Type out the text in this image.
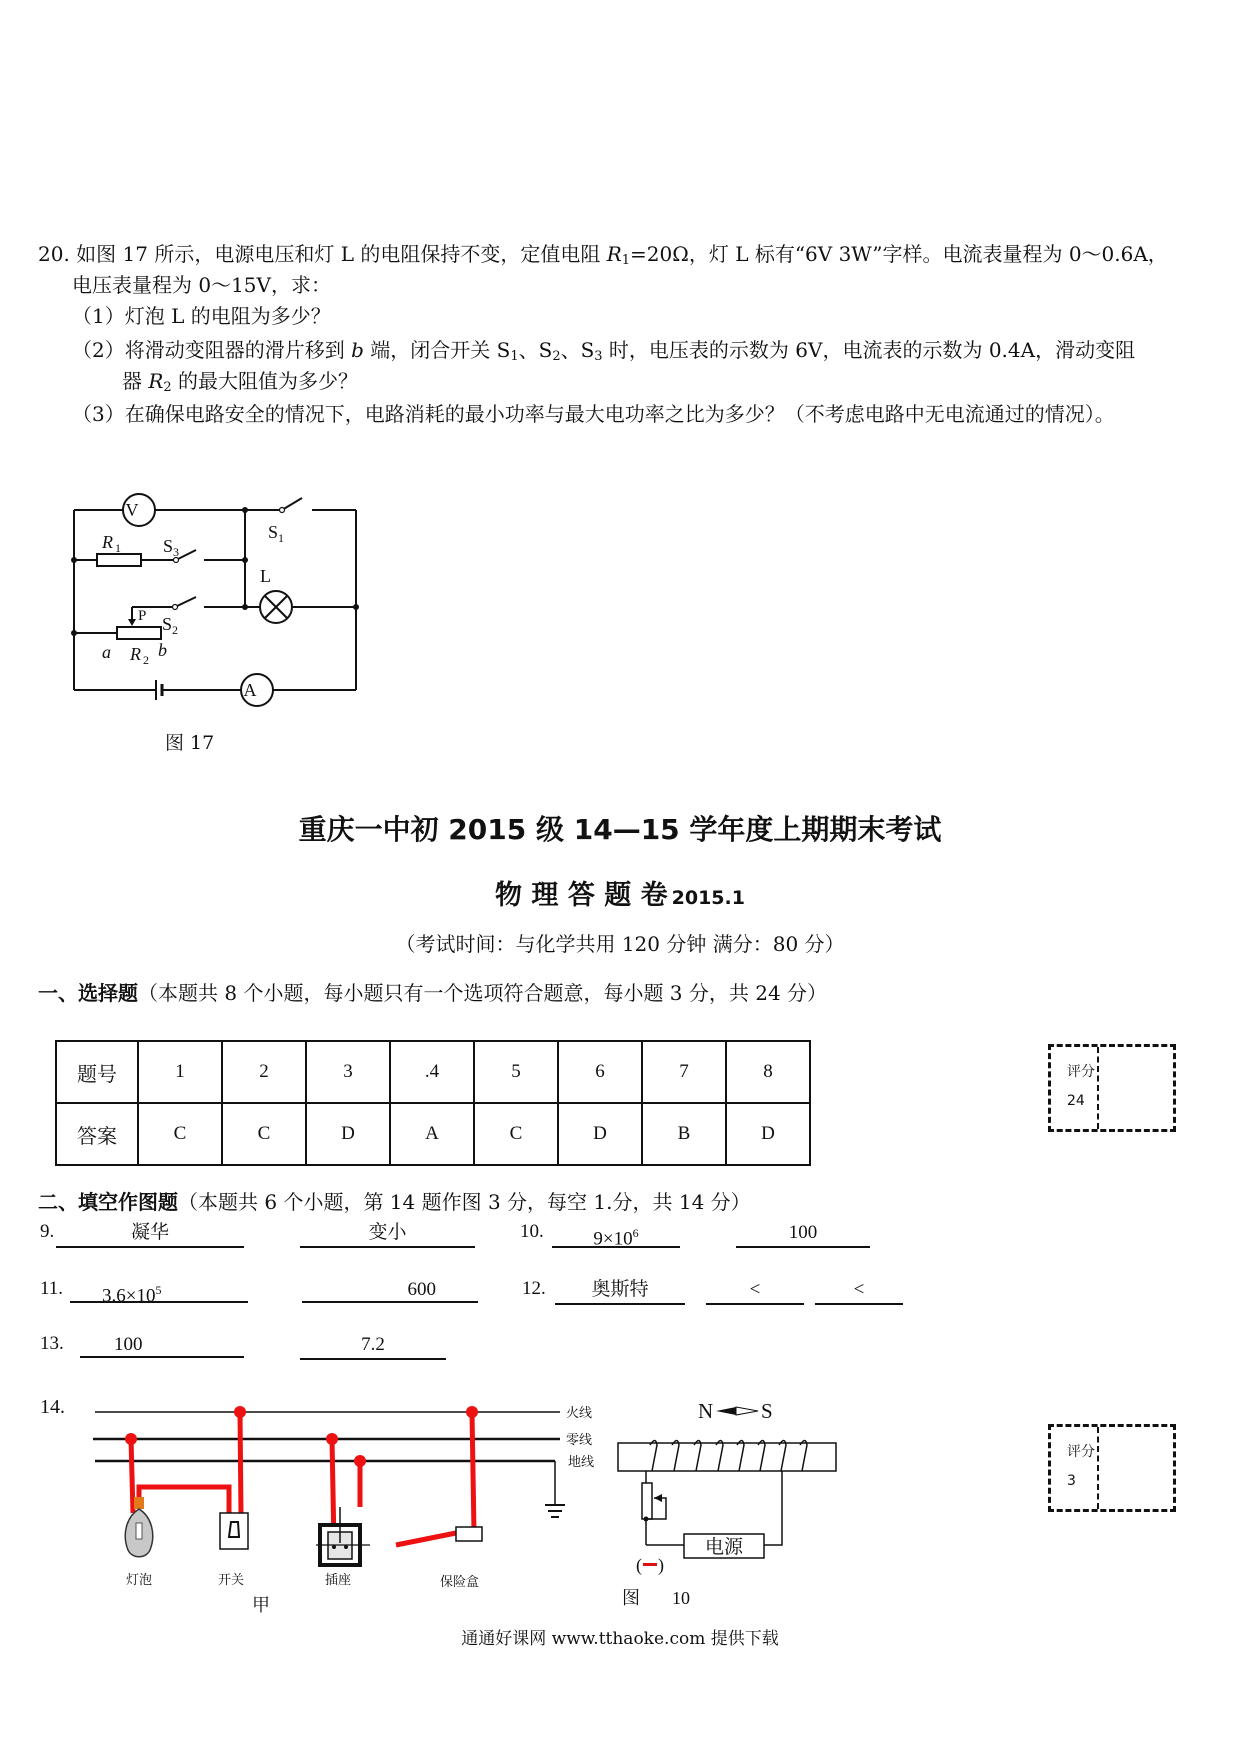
20. 如图 17 所示，电源电压和灯 L 的电阻保持不变，定值电阻 $R_1=20\Omega$，灯 L 标有“6V 3W”字样。电流表量程为 0～0.6A，
电压表量程为 0～15V，求：
（1）灯泡 L 的电阻为多少？
（2）将滑动变阻器的滑片移到 b 端，闭合开关 $S_1$、$S_2$、$S_3$ 时，电压表的示数为 6V，电流表的示数为 0.4A，滑动变阻
器 $R_2$ 的最大阻值为多少？
（3）在确保电路安全的情况下，电路消耗的最小功率与最大电功率之比为多少？（不考虑电路中无电流通过的情况）。
V
A
R 1
R 2
S 1
S 3
S 2
L
P
a	b
图 17
重庆一中初 2015 级 14—15 学年度上期期末考试
物 理 答 题 卷 2015.1
（考试时间：与化学共用 120 分钟 满分：80 分）
一、选择题（本题共 8 个小题，每小题只有一个选项符合题意，每小题 3 分，共 24 分）
题号	1	2	3	.4	5	6	7	8
答案	C	C	D	A	C	D	B	D
评分
24
二、填空作图题（本题共 6 个小题，第 14 题作图 3 分，每空 1.分，共 14 分）
9.	凝华	变小	10.	$9\times 10^6$	100
11.	$3.6\times 10^5$	600	12.	奥斯特	<	<
13.	100	7.2
评分
3
14.	火线
零线
地线
灯泡	开关	插座	保险盒
甲
N S
电源
( )
−
图 10
通通好课网 www.tthaoke.com 提供下载
